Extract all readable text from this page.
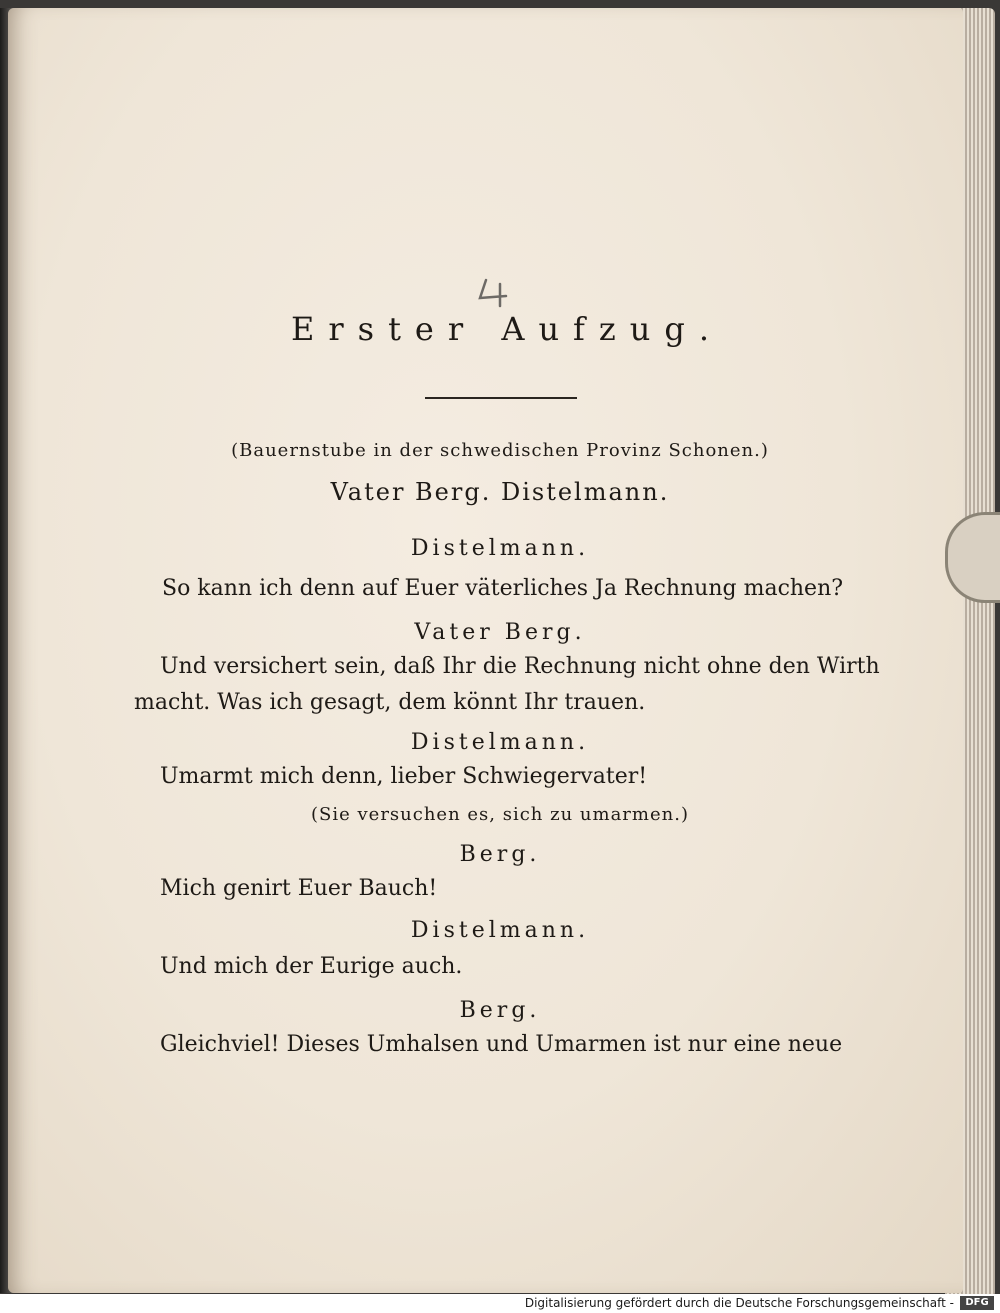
Erster Aufzug.
(Bauernstube in der schwedischen Provinz Schonen.)
Vater Berg. Distelmann.
Distelmann.
So kann ich denn auf Euer väterliches Ja Rechnung machen?
Vater Berg.
Und versichert sein, daß Ihr die Rechnung nicht ohne den Wirth
macht. Was ich gesagt, dem könnt Ihr trauen.
Distelmann.
Umarmt mich denn, lieber Schwiegervater!
(Sie versuchen es, sich zu umarmen.)
Berg.
Mich genirt Euer Bauch!
Distelmann.
Und mich der Eurige auch.
Berg.
Gleichviel! Dieses Umhalsen und Umarmen ist nur eine neue
Digitalisierung gefördert durch die Deutsche Forschungsgemeinschaft -	DFG
